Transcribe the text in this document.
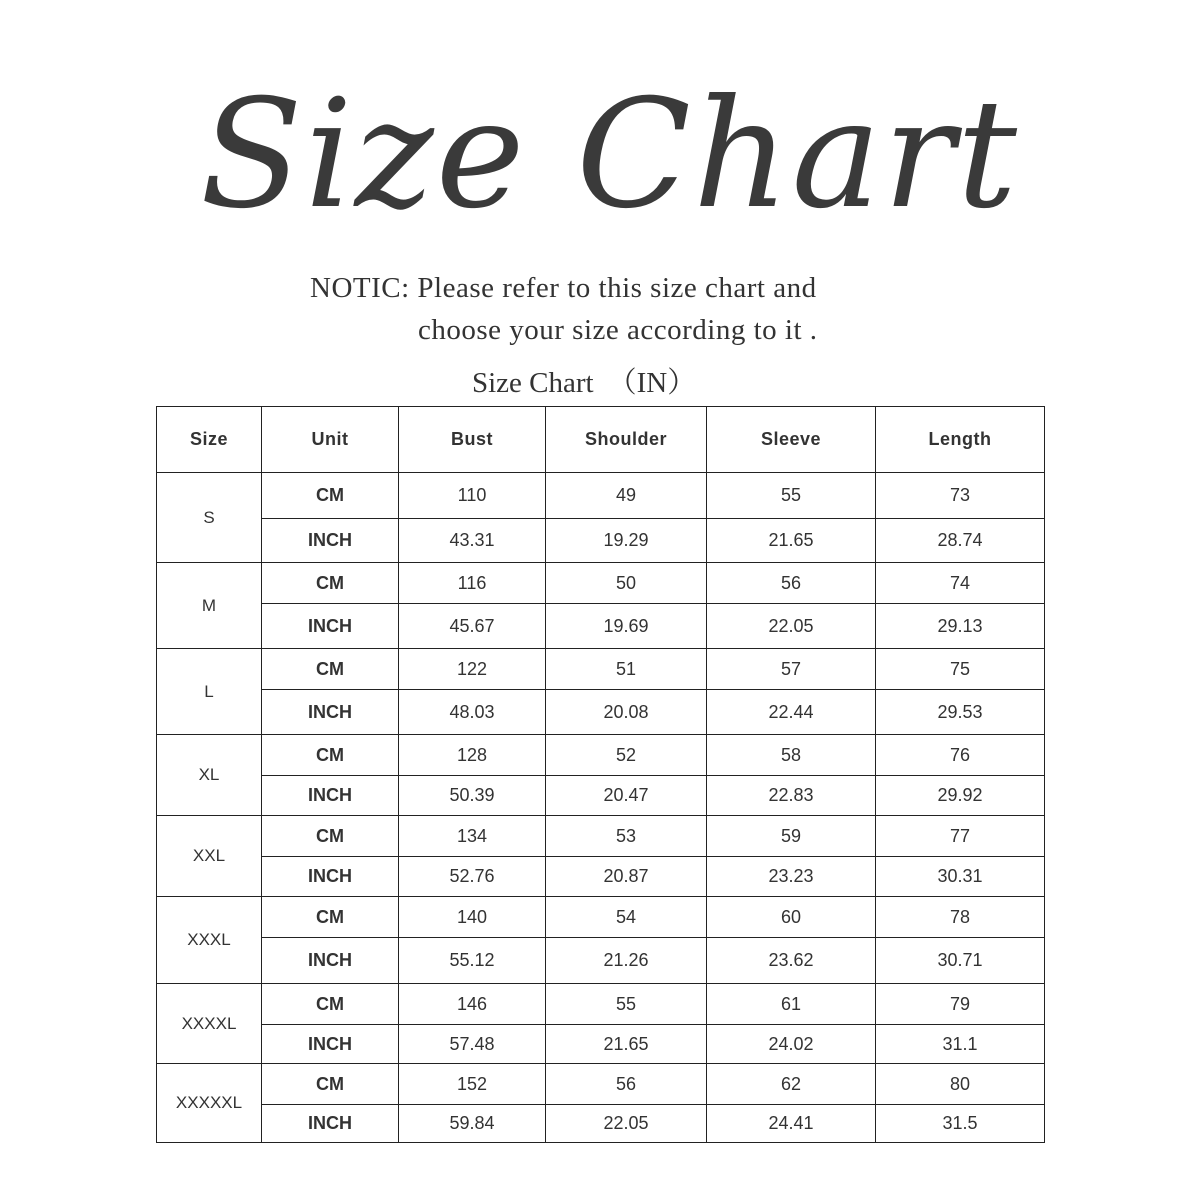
Size Chart
NOTIC: Please refer to this size chart and
choose your size according to it .
Size Chart （IN）
Size	Unit	Bust	Shoulder	Sleeve	Length
S	CM	110	49	55	73
	INCH	43.31	19.29	21.65	28.74
M	CM	116	50	56	74
	INCH	45.67	19.69	22.05	29.13
L	CM	122	51	57	75
	INCH	48.03	20.08	22.44	29.53
XL	CM	128	52	58	76
	INCH	50.39	20.47	22.83	29.92
XXL	CM	134	53	59	77
	INCH	52.76	20.87	23.23	30.31
XXXL	CM	140	54	60	78
	INCH	55.12	21.26	23.62	30.71
XXXXL	CM	146	55	61	79
	INCH	57.48	21.65	24.02	31.1
XXXXXL	CM	152	56	62	80
	INCH	59.84	22.05	24.41	31.5
